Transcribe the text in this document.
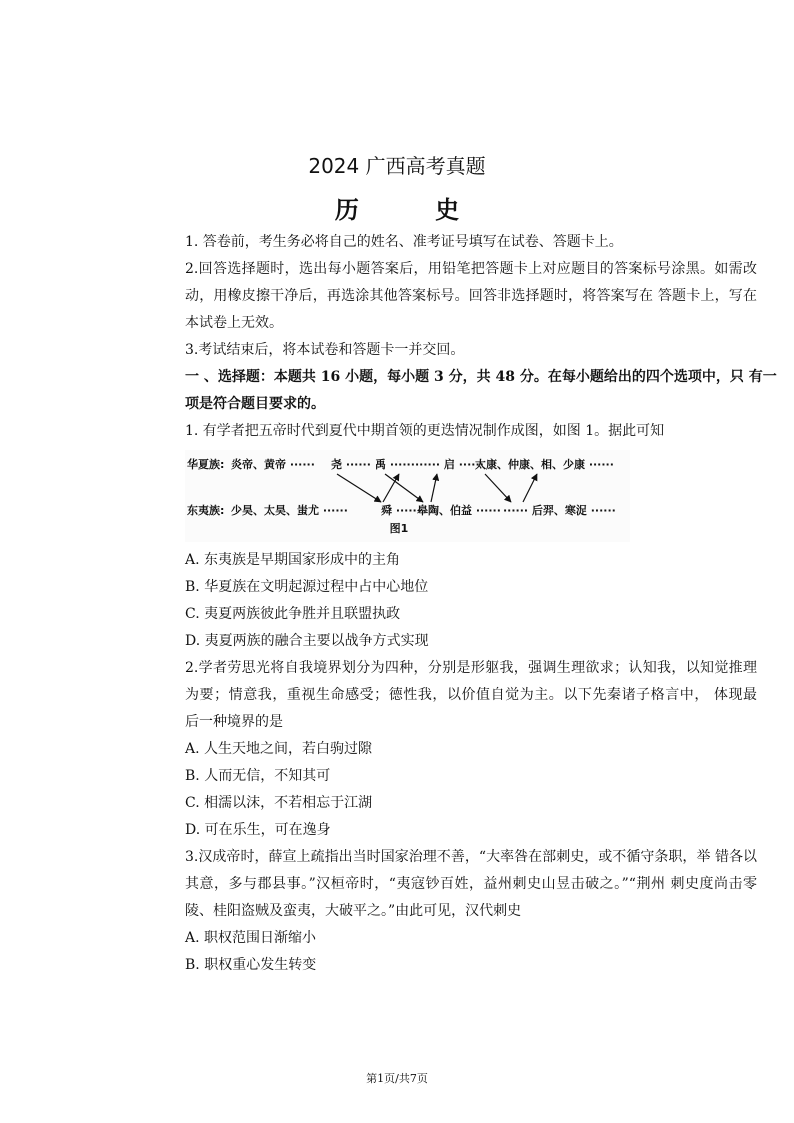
2024 广西高考真题
历 史
1. 答卷前，考生务必将自己的姓名、准考证号填写在试卷、答题卡上。
2.回答选择题时，选出每小题答案后，用铅笔把答题卡上对应题目的答案标号涂黑。如需改
动，用橡皮擦干净后，再选涂其他答案标号。回答非选择题时，将答案写在 答题卡上，写在
本试卷上无效。
3.考试结束后，将本试卷和答题卡一并交回。
一 、选择题：本题共 16 小题，每小题 3 分，共 48 分。在每小题给出的四个选项中，只 有一
项是符合题目要求的。
1. 有学者把五帝时代到夏代中期首领的更迭情况制作成图，如图 1。据此可知
华夏族: 炎帝、黄帝 ······ 尧 ······ 禹 ······ ······ 启 ······
太康、仲康、相、少康 ······
东夷族: 少昊、太昊、蚩尤 ······	舜 ······
皋陶、伯益 ······ ······ 后羿、寒浞 ······
图1
A. 东夷族是早期国家形成中的主角
B. 华夏族在文明起源过程中占中心地位
C. 夷夏两族彼此争胜并且联盟执政
D. 夷夏两族的融合主要以战争方式实现
2.学者劳思光将自我境界划分为四种，分别是形躯我，强调生理欲求；认知我，以知觉推理
为要；情意我，重视生命感受；德性我，以价值自觉为主。以下先秦诸子格言中， 体现最
后一种境界的是
A. 人生天地之间，若白驹过隙
B. 人而无信，不知其可
C. 相濡以沫，不若相忘于江湖
D. 可在乐生，可在逸身
3.汉成帝时，薛宣上疏指出当时国家治理不善，“大率咎在部刺史，或不循守条职，举 错各以
其意，多与郡县事。”汉桓帝时，“夷寇钞百姓，益州刺史山昱击破之。”“荆州 刺史度尚击零
陵、桂阳盗贼及蛮夷，大破平之。”由此可见，汉代刺史
A. 职权范围日渐缩小
B. 职权重心发生转变
第1页/共7页
